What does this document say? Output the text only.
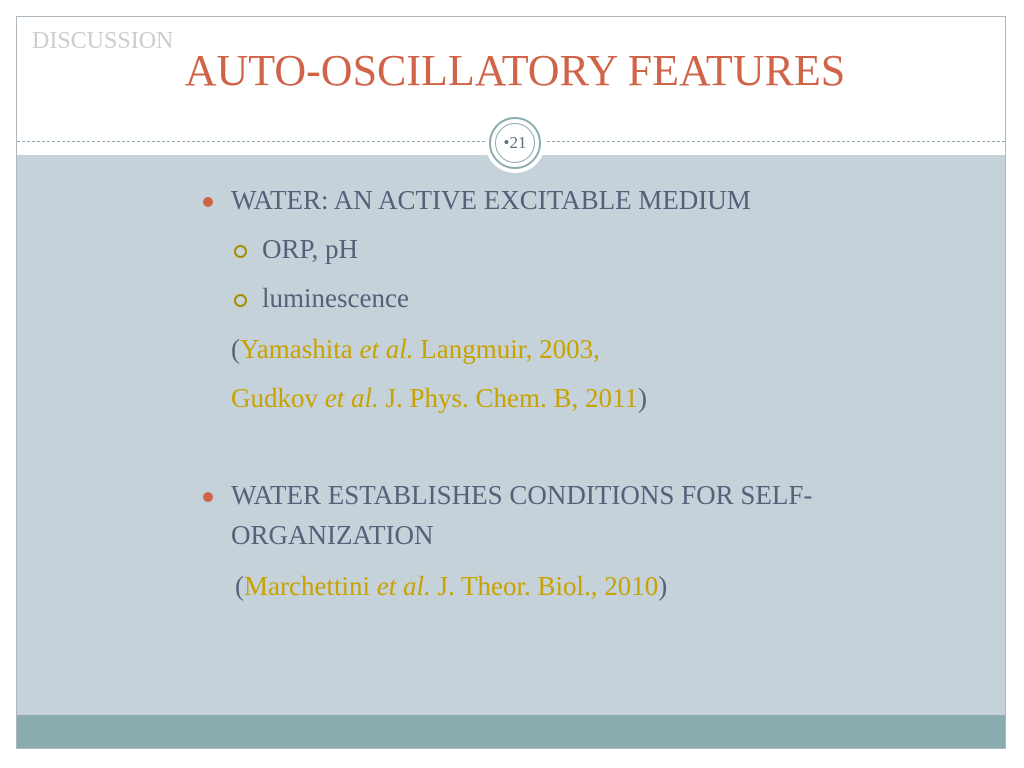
DISCUSSION
AUTO-OSCILLATORY FEATURES
•21
WATER: AN ACTIVE EXCITABLE MEDIUM
ORP, pH
luminescence
(Yamashita et al. Langmuir, 2003,
Gudkov et al. J. Phys. Chem. B, 2011)
WATER ESTABLISHES CONDITIONS FOR SELF-
ORGANIZATION
(Marchettini et al. J. Theor. Biol., 2010)
